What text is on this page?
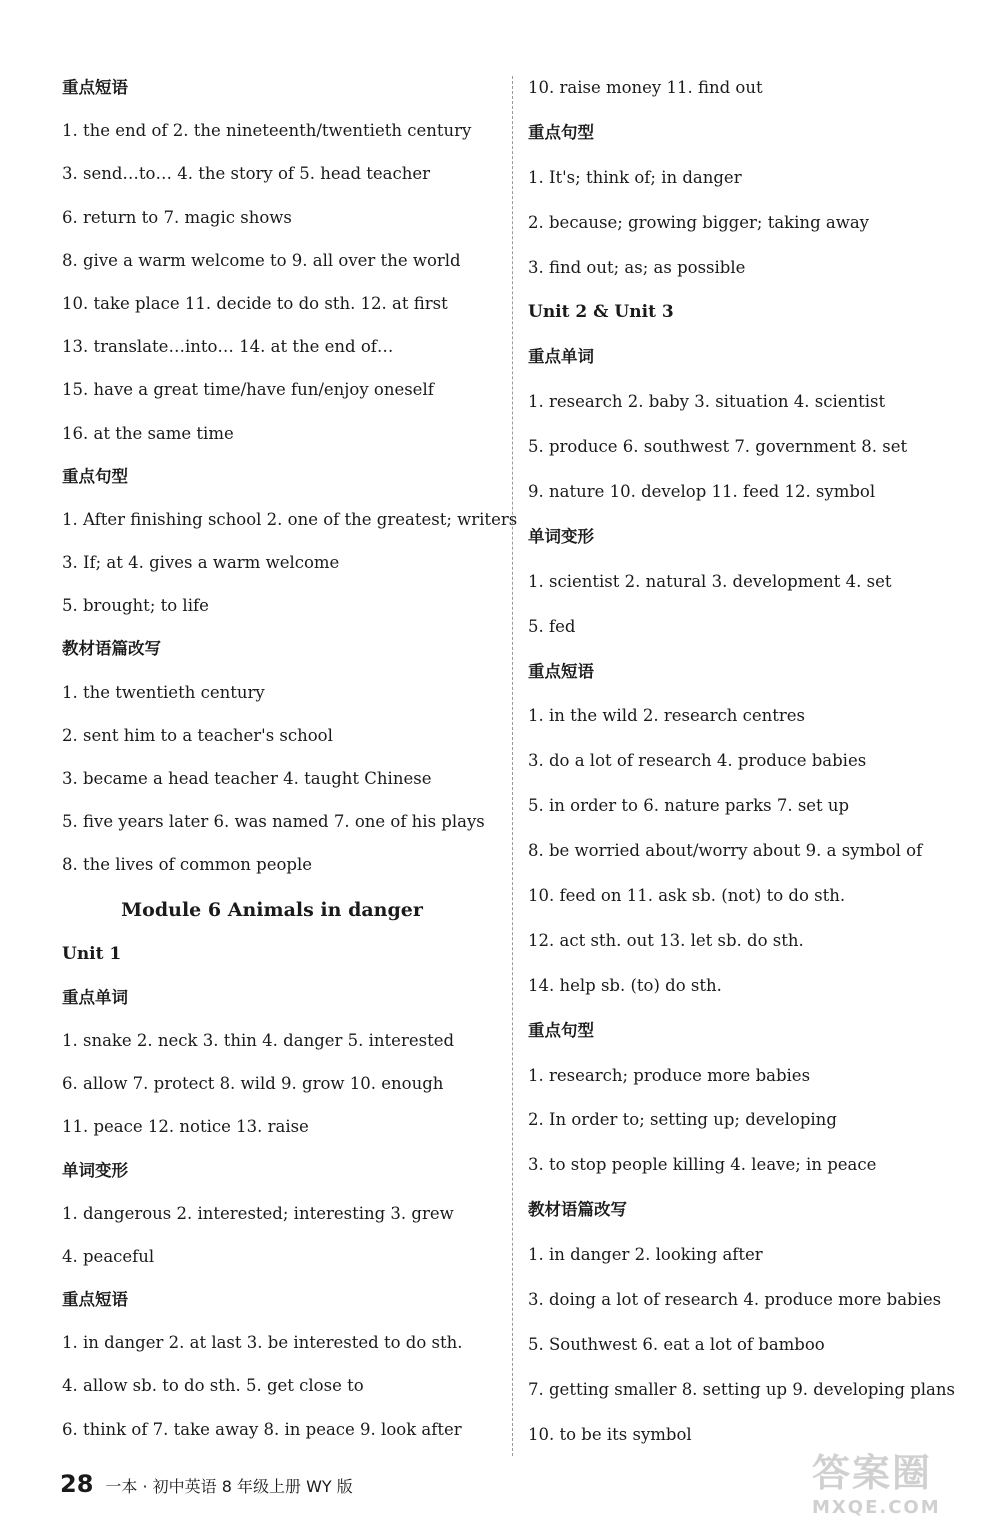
重点短语
1. the end of 2. the nineteenth/twentieth century
3. send…to… 4. the story of 5. head teacher
6. return to 7. magic shows
8. give a warm welcome to 9. all over the world
10. take place 11. decide to do sth. 12. at first
13. translate…into… 14. at the end of…
15. have a great time/have fun/enjoy oneself
16. at the same time
重点句型
1. After finishing school 2. one of the greatest; writers
3. If; at 4. gives a warm welcome
5. brought; to life
教材语篇改写
1. the twentieth century
2. sent him to a teacher's school
3. became a head teacher 4. taught Chinese
5. five years later 6. was named 7. one of his plays
8. the lives of common people
Module 6 Animals in danger
Unit 1
重点单词
1. snake 2. neck 3. thin 4. danger 5. interested
6. allow 7. protect 8. wild 9. grow 10. enough
11. peace 12. notice 13. raise
单词变形
1. dangerous 2. interested; interesting 3. grew
4. peaceful
重点短语
1. in danger 2. at last 3. be interested to do sth.
4. allow sb. to do sth. 5. get close to
6. think of 7. take away 8. in peace 9. look after
10. raise money 11. find out
重点句型
1. It's; think of; in danger
2. because; growing bigger; taking away
3. find out; as; as possible
Unit 2 & Unit 3
重点单词
1. research 2. baby 3. situation 4. scientist
5. produce 6. southwest 7. government 8. set
9. nature 10. develop 11. feed 12. symbol
单词变形
1. scientist 2. natural 3. development 4. set
5. fed
重点短语
1. in the wild 2. research centres
3. do a lot of research 4. produce babies
5. in order to 6. nature parks 7. set up
8. be worried about/worry about 9. a symbol of
10. feed on 11. ask sb. (not) to do sth.
12. act sth. out 13. let sb. do sth.
14. help sb. (to) do sth.
重点句型
1. research; produce more babies
2. In order to; setting up; developing
3. to stop people killing 4. leave; in peace
教材语篇改写
1. in danger 2. looking after
3. doing a lot of research 4. produce more babies
5. Southwest 6. eat a lot of bamboo
7. getting smaller 8. setting up 9. developing plans
10. to be its symbol
28 一本 · 初中英语 8 年级上册 WY 版	答案圈
MXQE.COM
